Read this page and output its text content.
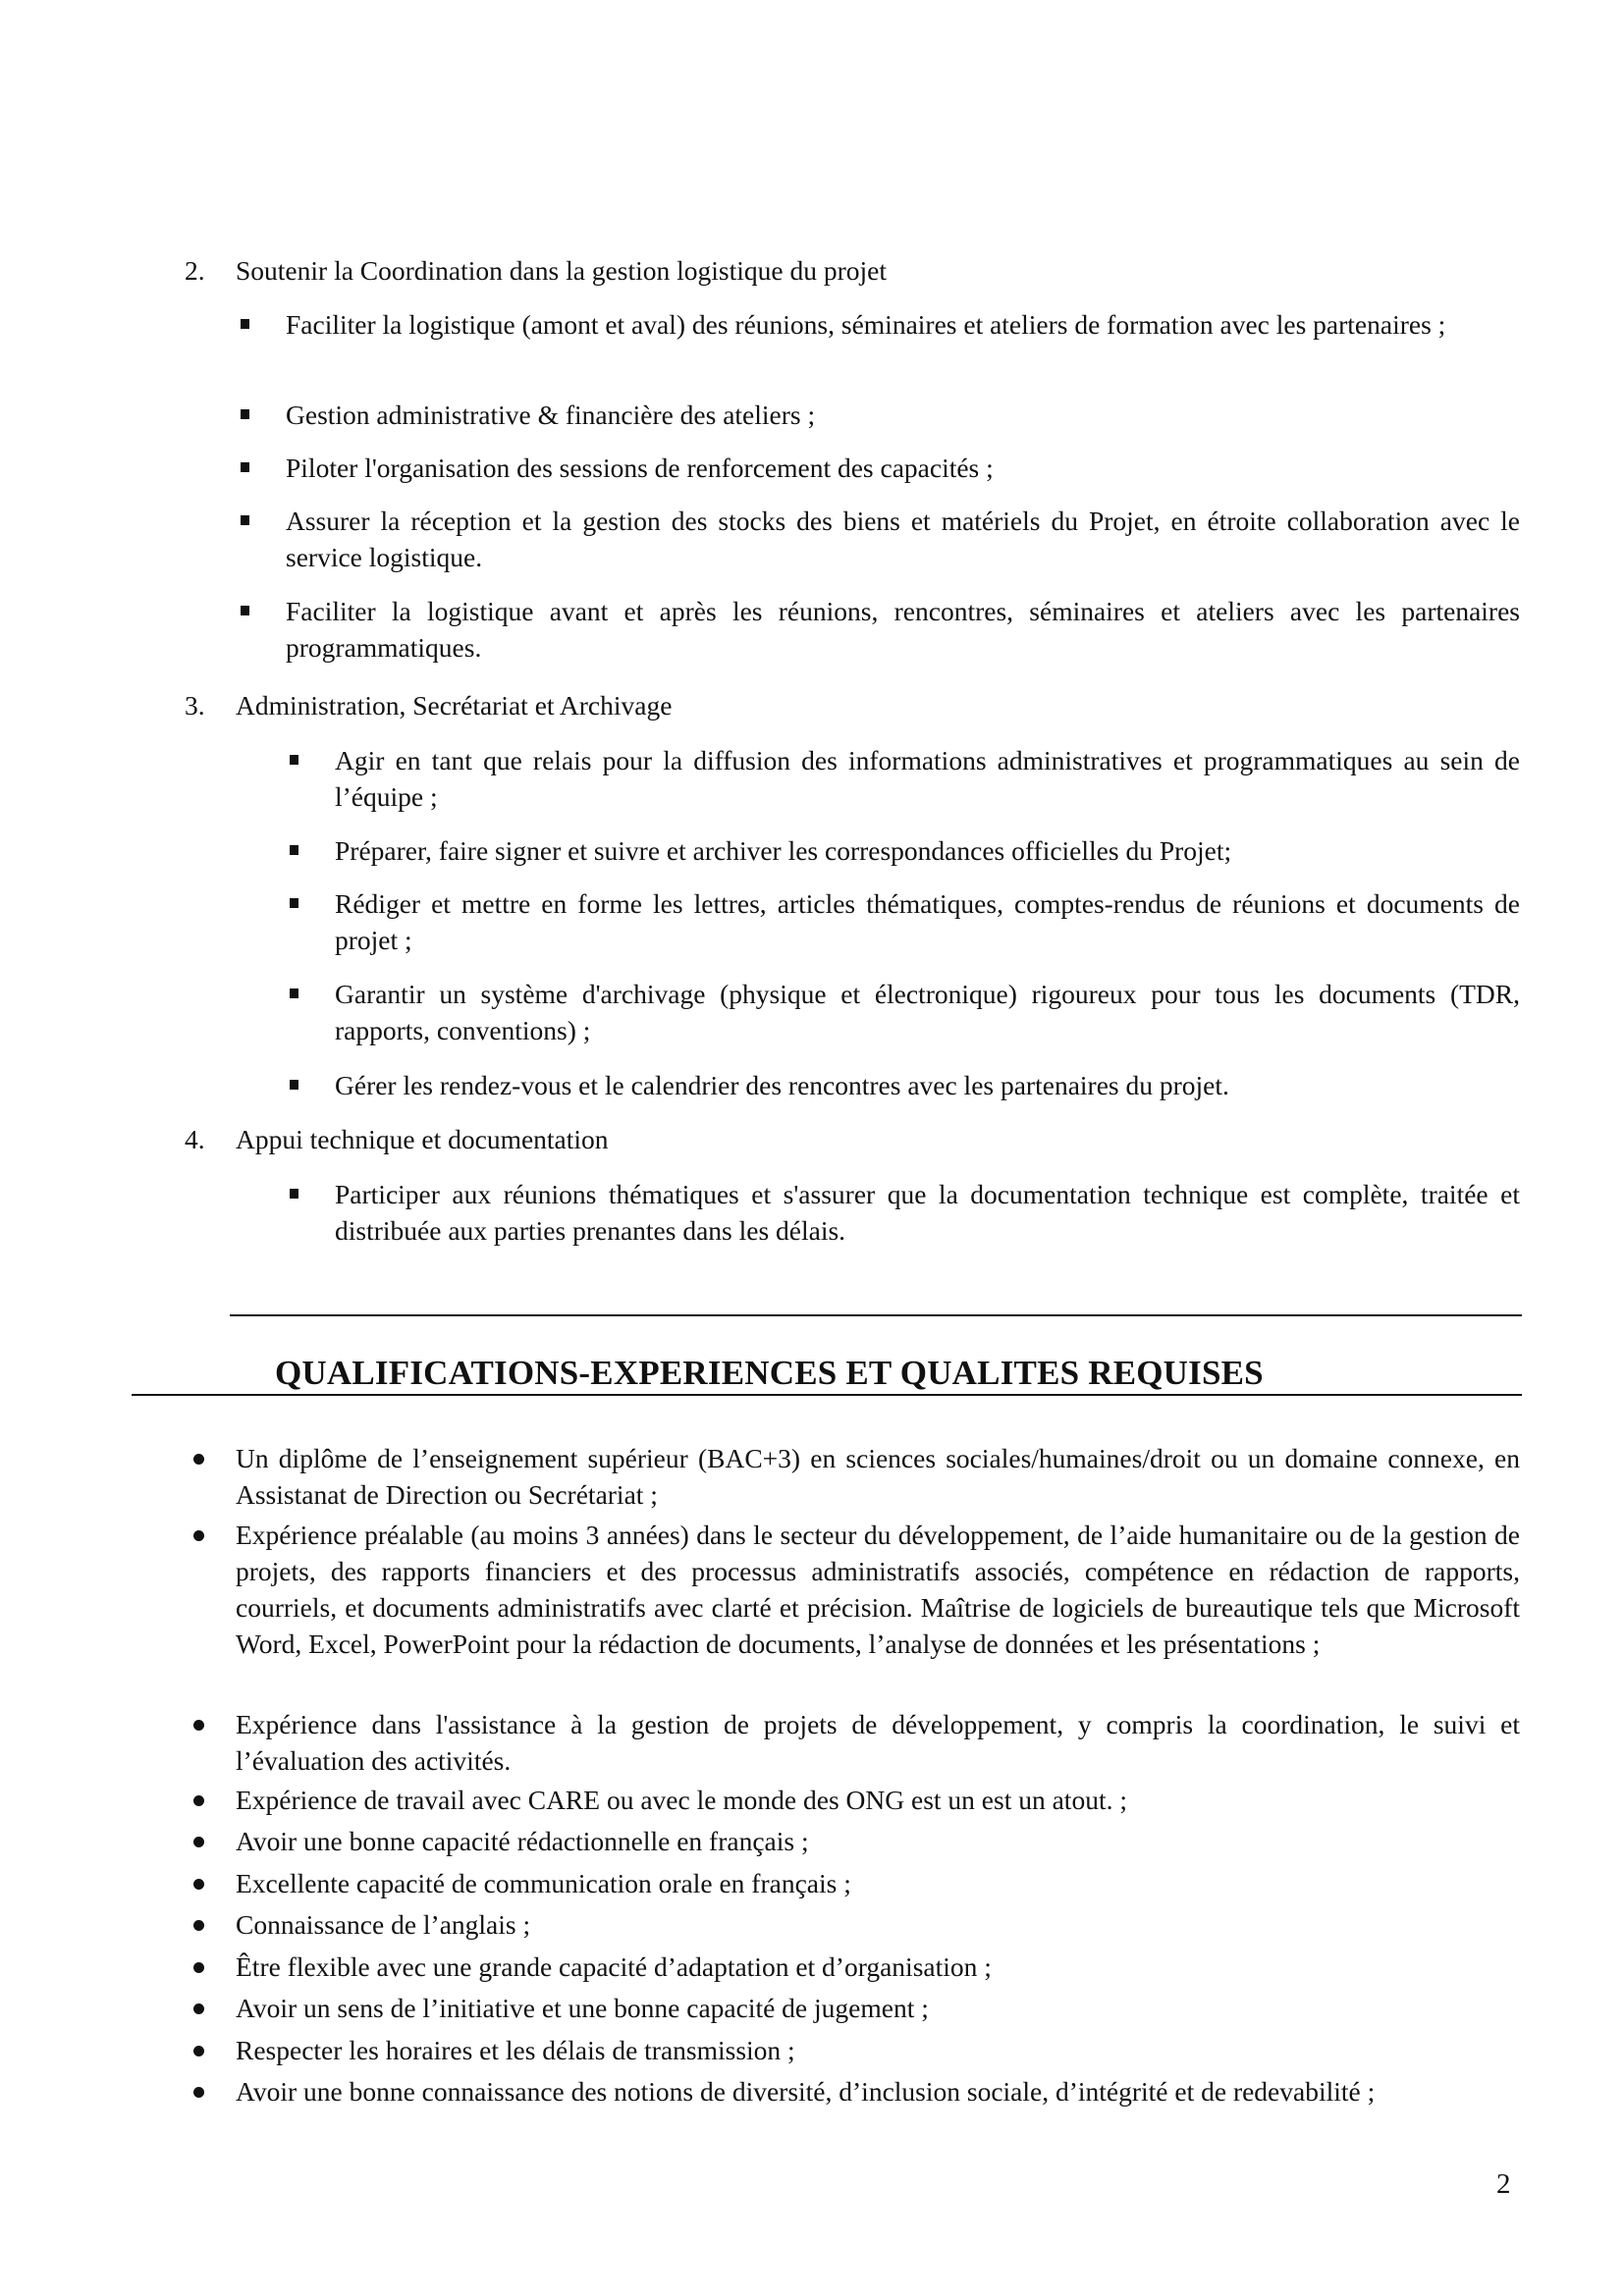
2. Soutenir la Coordination dans la gestion logistique du projet
Faciliter la logistique (amont et aval) des réunions, séminaires et ateliers de formation avec les partenaires ;
Gestion administrative & financière des ateliers ;
Piloter l'organisation des sessions de renforcement des capacités ;
Assurer la réception et la gestion des stocks des biens et matériels du Projet, en étroite collaboration avec le service logistique.
Faciliter la logistique avant et après les réunions, rencontres, séminaires et ateliers avec les partenaires programmatiques.
3. Administration, Secrétariat et Archivage
Agir en tant que relais pour la diffusion des informations administratives et programmatiques au sein de l’équipe ;
Préparer, faire signer et suivre et archiver les correspondances officielles du Projet;
Rédiger et mettre en forme les lettres, articles thématiques, comptes-rendus de réunions et documents de projet ;
Garantir un système d'archivage (physique et électronique) rigoureux pour tous les documents (TDR, rapports, conventions) ;
Gérer les rendez-vous et le calendrier des rencontres avec les partenaires du projet.
4. Appui technique et documentation
Participer aux réunions thématiques et s'assurer que la documentation technique est complète, traitée et distribuée aux parties prenantes dans les délais.
QUALIFICATIONS-EXPERIENCES ET QUALITES REQUISES
Un diplôme de l’enseignement supérieur (BAC+3) en sciences sociales/humaines/droit ou un domaine connexe, en Assistanat de Direction ou Secrétariat ;
Expérience préalable (au moins 3 années) dans le secteur du développement, de l’aide humanitaire ou de la gestion de projets, des rapports financiers et des processus administratifs associés, compétence en rédaction de rapports, courriels, et documents administratifs avec clarté et précision. Maîtrise de logiciels de bureautique tels que Microsoft Word, Excel, PowerPoint pour la rédaction de documents, l’analyse de données et les présentations ;
Expérience dans l'assistance à la gestion de projets de développement, y compris la coordination, le suivi et l’évaluation des activités.
Expérience de travail avec CARE ou avec le monde des ONG est un est un atout. ;
Avoir une bonne capacité rédactionnelle en français ;
Excellente capacité de communication orale en français ;
Connaissance de l’anglais ;
Être flexible avec une grande capacité d’adaptation et d’organisation ;
Avoir un sens de l’initiative et une bonne capacité de jugement ;
Respecter les horaires et les délais de transmission ;
Avoir une bonne connaissance des notions de diversité, d’inclusion sociale, d’intégrité et de redevabilité ;
2
